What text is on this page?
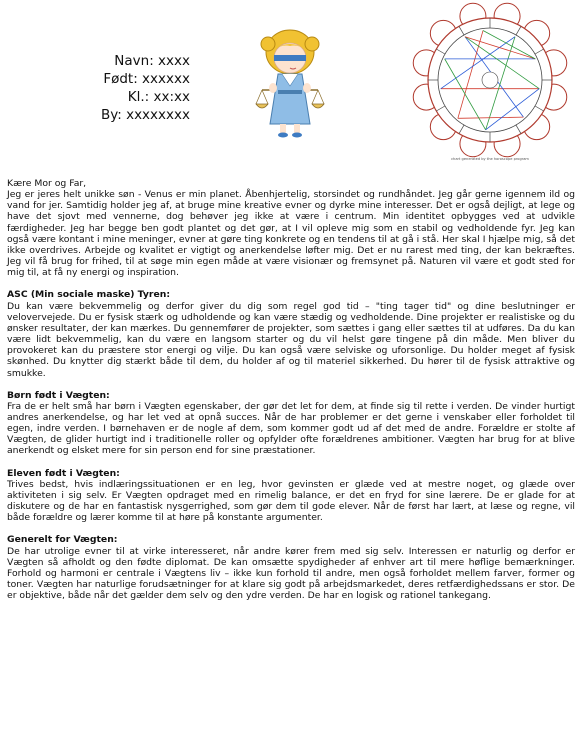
Navn: xxxx
Født: xxxxxx
Kl.: xx:xx
By: xxxxxxxx
chart generated by the horoscope program

Kære Mor og Far,

Jeg er jeres helt unikke søn - Venus er min planet. Åbenhjertelig, storsindet og rundhåndet. Jeg går gerne igennem ild og vand for jer. Samtidig holder jeg af, at bruge mine kreative evner og dyrke mine interesser. Det er også dejligt, at lege og have det sjovt med vennerne, dog behøver jeg ikke at være i centrum. Min identitet opbygges ved at udvikle færdigheder. Jeg har begge ben godt plantet og det gør, at I vil opleve mig som en stabil og vedholdende fyr. Jeg kan også være kontant i mine meninger, evner at gøre ting konkrete og en tendens til at gå i stå. Her skal I hjælpe mig, så det ikke overdrives. Arbejde og kvalitet er vigtigt og anerkendelse løfter mig. Det er nu rarest med ting, der kan bekræftes. Jeg vil få brug for frihed, til at søge min egen måde at være visionær og fremsynet på. Naturen vil være et godt sted for mig til, at få ny energi og inspiration.

ASC (Min sociale maske) Tyren:

Du kan være bekvemmelig og derfor giver du dig som regel god tid – "ting tager tid" og dine beslutninger er velovervejede. Du er fysisk stærk og udholdende og kan være stædig og vedholdende. Dine projekter er realistiske og du ønsker resultater, der kan mærkes. Du gennemfører de projekter, som sættes i gang eller sættes til at udføres. Da du kan være lidt bekvemmelig, kan du være en langsom starter og du vil helst gøre tingene på din måde. Men bliver du provokeret kan du præstere stor energi og vilje. Du kan også være selviske og uforsonlige. Du holder meget af fysisk skønhed. Du knytter dig stærkt både til dem, du holder af og til materiel sikkerhed. Du hører til de fysisk attraktive og smukke.

Børn født i Vægten:

Fra de er helt små har børn i Vægten egenskaber, der gør det let for dem, at finde sig til rette i verden. De vinder hurtigt andres anerkendelse, og har let ved at opnå succes. Når de har problemer er det gerne i venskaber eller forholdet til egen, indre verden. I børnehaven er de nogle af dem, som kommer godt ud af det med de andre. Forældre er stolte af Vægten, de glider hurtigt ind i traditionelle roller og opfylder ofte forældrenes ambitioner. Vægten har brug for at blive anerkendt og elsket mere for sin person end for sine præstationer.

Eleven født i Vægten:

Trives bedst, hvis indlæringssituationen er en leg, hvor gevinsten er glæde ved at mestre noget, og glæde over aktiviteten i sig selv. Er Vægten opdraget med en rimelig balance, er det en fryd for sine lærere. De er glade for at diskutere og de har en fantastisk nysgerrighed, som gør dem til gode elever. Når de først har lært, at læse og regne, vil både forældre og lærer komme til at høre på konstante argumenter.

Generelt for Vægten:

De har utrolige evner til at virke interesseret, når andre kører frem med sig selv. Interessen er naturlig og derfor er Vægten så afholdt og den fødte diplomat. De kan omsætte spydigheder af enhver art til mere høflige bemærkninger. Forhold og harmoni er centrale i Vægtens liv – ikke kun forhold til andre, men også forholdet mellem farver, former og toner. Vægten har naturlige forudsætninger for at klare sig godt på arbejdsmarkedet, deres retfærdighedssans er stor. De er objektive, både når det gælder dem selv og den ydre verden. De har en logisk og rationel tankegang.
